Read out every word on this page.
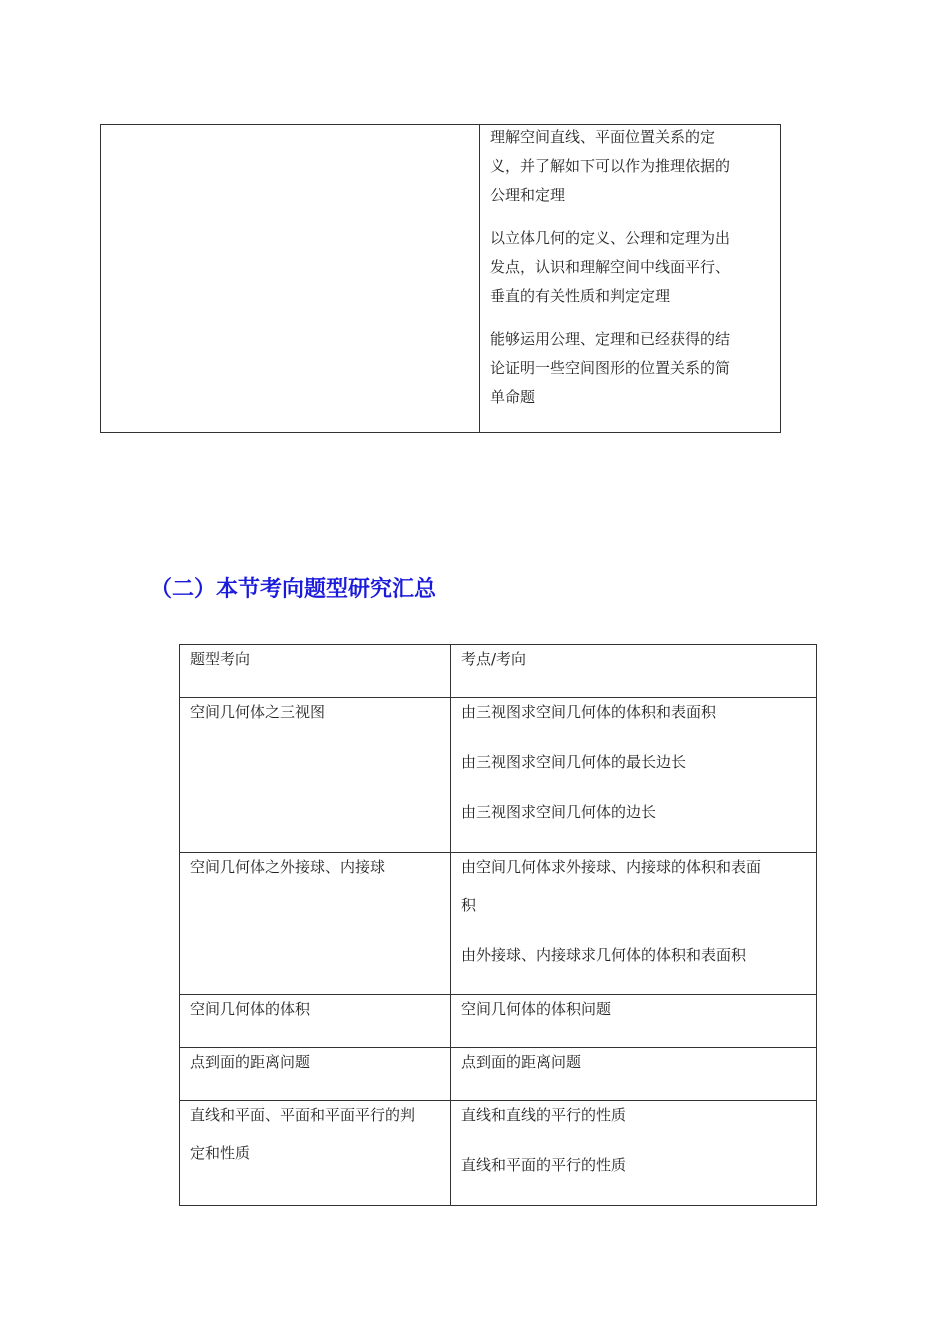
理解空间直线、平面位置关系的定
义，并了解如下可以作为推理依据的
公理和定理

以立体几何的定义、公理和定理为出
发点，认识和理解空间中线面平行、
垂直的有关性质和判定定理

能够运用公理、定理和已经获得的结
论证明一些空间图形的位置关系的简
单命题

（二）本节考向题型研究汇总
题型考向	考点/考向

空间几何体之三视图	由三视图求空间几何体的体积和表面积
由三视图求空间几何体的最长边长
由三视图求空间几何体的边长

空间几何体之外接球、内接球	由空间几何体求外接球、内接球的体积和表面
积
由外接球、内接球求几何体的体积和表面积

空间几何体的体积	空间几何体的体积问题

点到面的距离问题	点到面的距离问题

直线和平面、平面和平面平行的判
定和性质	直线和直线的平行的性质
直线和平面的平行的性质
